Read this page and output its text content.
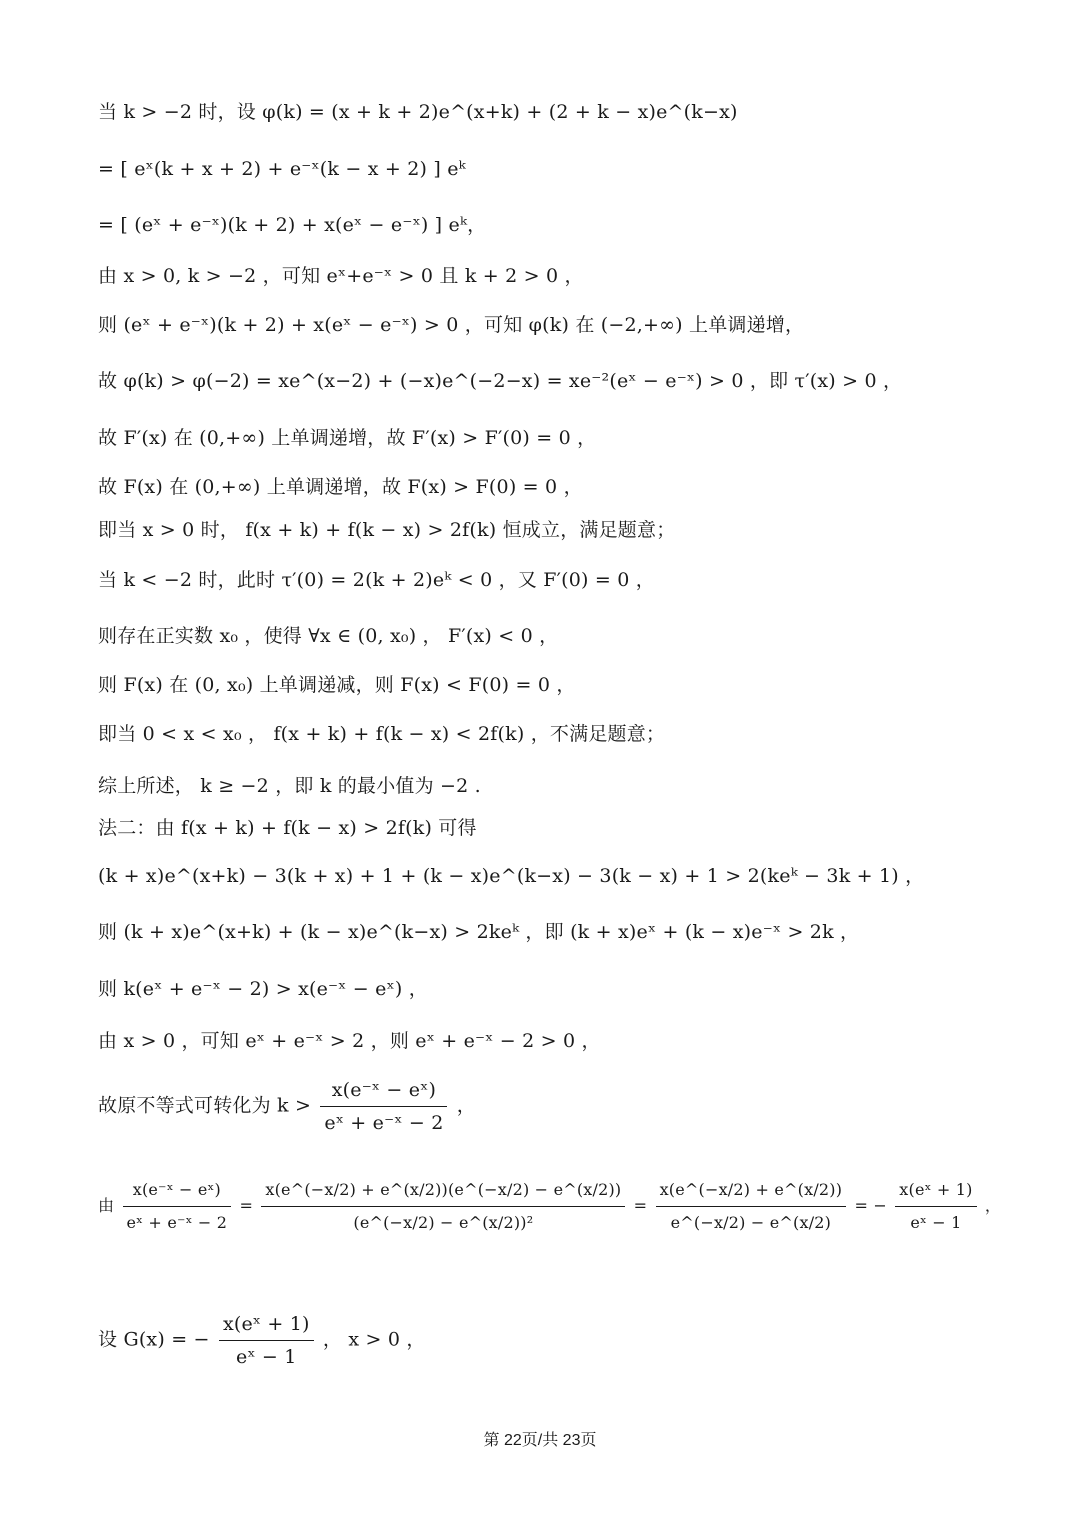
当 k > −2 时，设 φ(k) = (x + k + 2)e^(x+k) + (2 + k − x)e^(k−x)
= [ eˣ(k + x + 2) + e⁻ˣ(k − x + 2) ] eᵏ
= [ (eˣ + e⁻ˣ)(k + 2) + x(eˣ − e⁻ˣ) ] eᵏ，
由 x > 0, k > −2 ，可知 eˣ+e⁻ˣ > 0 且 k + 2 > 0 ，
则 (eˣ + e⁻ˣ)(k + 2) + x(eˣ − e⁻ˣ) > 0 ，可知 φ(k) 在 (−2,+∞) 上单调递增，
故 φ(k) > φ(−2) = xe^(x−2) + (−x)e^(−2−x) = xe⁻²(eˣ − e⁻ˣ) > 0 ，即 τ′(x) > 0 ，
故 F′(x) 在 (0,+∞) 上单调递增，故 F′(x) > F′(0) = 0 ，
故 F(x) 在 (0,+∞) 上单调递增，故 F(x) > F(0) = 0 ，
即当 x > 0 时， f(x + k) + f(k − x) > 2f(k) 恒成立，满足题意；
当 k < −2 时，此时 τ′(0) = 2(k + 2)eᵏ < 0 ，又 F′(0) = 0 ，
则存在正实数 x₀ ，使得 ∀x ∈ (0, x₀) ， F′(x) < 0 ，
则 F(x) 在 (0, x₀) 上单调递减，则 F(x) < F(0) = 0 ，
即当 0 < x < x₀ ， f(x + k) + f(k − x) < 2f(k) ，不满足题意；
综上所述， k ≥ −2 ，即 k 的最小值为 −2 .
法二：由 f(x + k) + f(k − x) > 2f(k) 可得
(k + x)e^(x+k) − 3(k + x) + 1 + (k − x)e^(k−x) − 3(k − x) + 1 > 2(keᵏ − 3k + 1) ，
则 (k + x)e^(x+k) + (k − x)e^(k−x) > 2keᵏ ，即 (k + x)eˣ + (k − x)e⁻ˣ > 2k ，
则 k(eˣ + e⁻ˣ − 2) > x(e⁻ˣ − eˣ) ，
由 x > 0 ，可知 eˣ + e⁻ˣ > 2 ，则 eˣ + e⁻ˣ − 2 > 0 ，
故原不等式可转化为 $k > \frac{\text{x(e⁻ˣ − eˣ)}}{\text{eˣ + e⁻ˣ − 2}}$ ，
由 $\frac{\text{x(e⁻ˣ − eˣ)}}{\text{eˣ + e⁻ˣ − 2}} = \frac{x(e\^{}(-x/2) + e\^{}(x/2))(e\^{}(-x/2) - e\^{}(x/2))}{\text{(e\textasciicircum{}(−x/2) − e\textasciicircum{}(x/2))²}} = \frac{x(e\^{}(-x/2) + e\^{}(x/2))}{e\^{}(-x/2) - e\^{}(x/2)}$ = − $\frac{\text{x(eˣ + 1)}}{\text{eˣ − 1}}$ ，
设 G(x) = − $\frac{\text{x(eˣ + 1)}}{\text{eˣ − 1}}$ ， x > 0 ，
第 22页/共 23页
